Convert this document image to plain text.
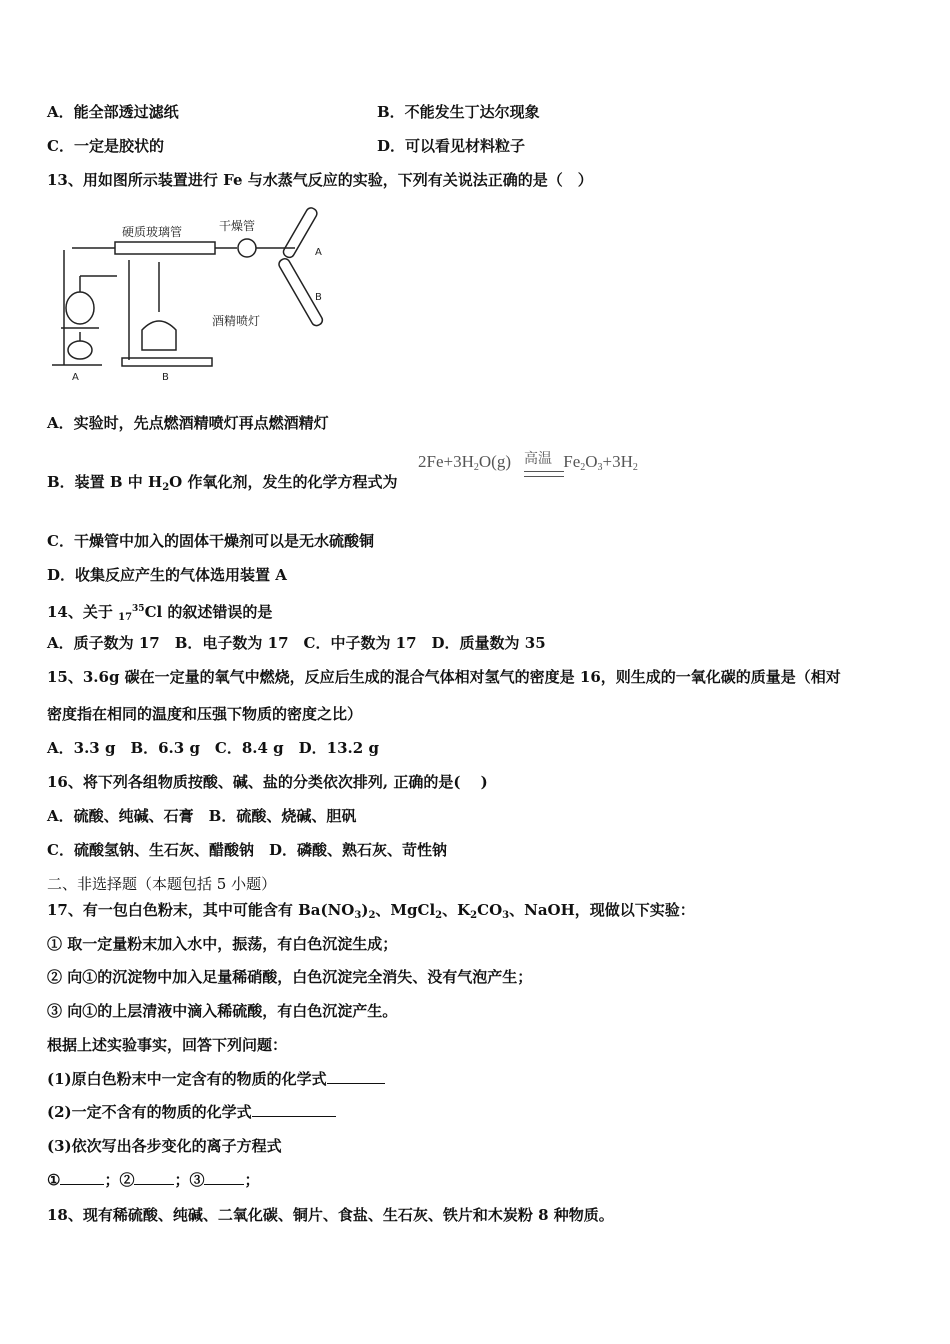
A．能全部透过滤纸	B．不能发生丁达尔现象
C．一定是胶状的	D．可以看见材料粒子
13、用如图所示装置进行 Fe 与水蒸气反应的实验，下列有关说法正确的是（　）
硬质玻璃管	干燥管
酒精喷灯
A	B
A
B
A．实验时，先点燃酒精喷灯再点燃酒精灯
B．装置 B 中 $H_2O$ 作氧化剂，发生的化学方程式为
$2Fe+3H_2O(g)$ 高温 $Fe_2O_3+3H_2$
C．干燥管中加入的固体干燥剂可以是无水硫酸铜
D．收集反应产生的气体选用装置 A
14、关于 $_{17}^{35}$Cl 的叙述错误的是
A．质子数为 17　B．电子数为 17　C．中子数为 17　D．质量数为 35
15、3.6g 碳在一定量的氧气中燃烧，反应后生成的混合气体相对氢气的密度是 16，则生成的一氧化碳的质量是（相对
密度指在相同的温度和压强下物质的密度之比）
A．3.3 g　B．6.3 g　C．8.4 g　D．13.2 g
16、将下列各组物质按酸、碱、盐的分类依次排列, 正确的是(　 )
A．硫酸、纯碱、石膏　B．硫酸、烧碱、胆矾
C．硫酸氢钠、生石灰、醋酸钠　D．磷酸、熟石灰、苛性钠
二、非选择题（本题包括 5 小题）
17、有一包白色粉末，其中可能含有 $Ba(NO_3)_2$、MgCl$_2$、$K_2CO_3$、NaOH，现做以下实验：
① 取一定量粉末加入水中，振荡，有白色沉淀生成；
② 向①的沉淀物中加入足量稀硝酸，白色沉淀完全消失、没有气泡产生；
③ 向①的上层清液中滴入稀硫酸，有白色沉淀产生。
根据上述实验事实，回答下列问题：
(1)原白色粉末中一定含有的物质的化学式
(2)一定不含有的物质的化学式
(3)依次写出各步变化的离子方程式
①	；②	；③	；
18、现有稀硫酸、纯碱、二氧化碳、铜片、食盐、生石灰、铁片和木炭粉 8 种物质。
